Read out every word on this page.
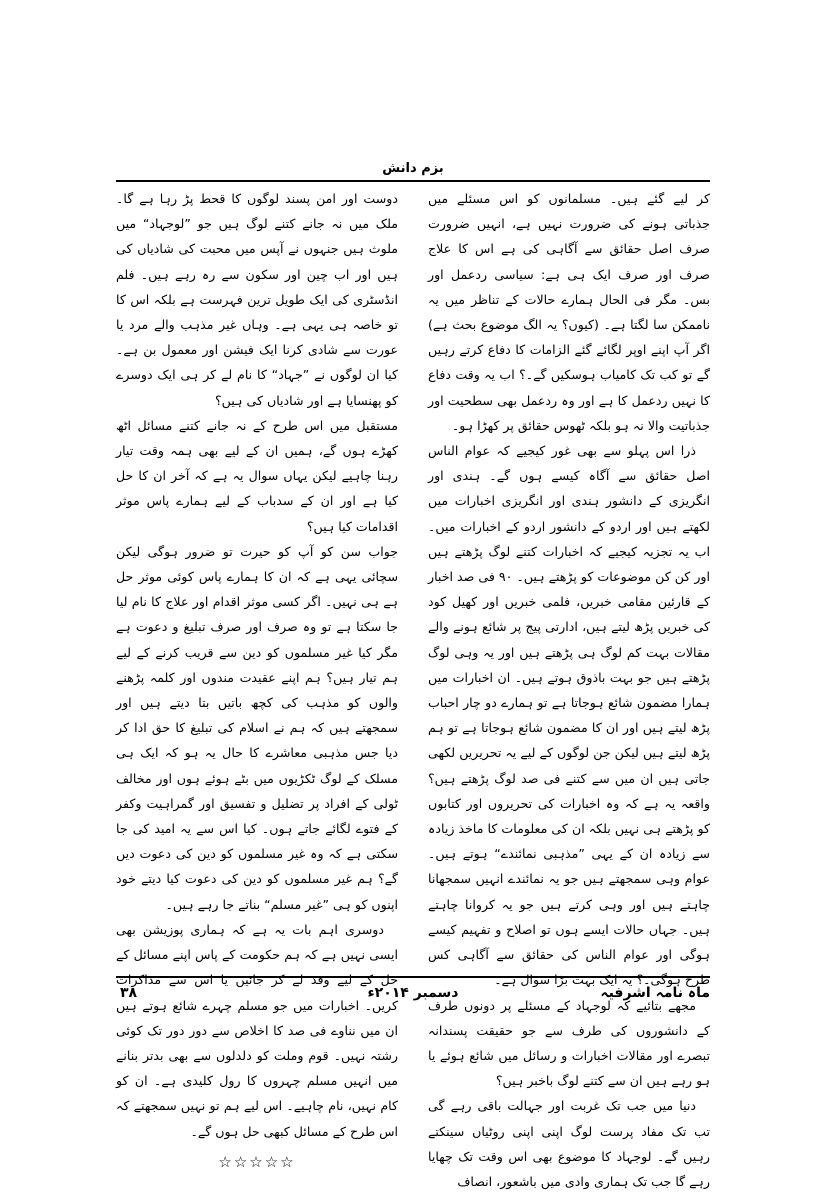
بزم دانش

کر لیے گئے ہیں۔ مسلمانوں کو اس مسئلے میں جذباتی ہونے کی ضرورت نہیں ہے، انہیں ضرورت صرف اصل حقائق سے آگاہی کی ہے اس کا علاج صرف اور صرف ایک ہی ہے: سیاسی ردعمل اور بس۔ مگر فی الحال ہمارے حالات کے تناظر میں یہ ناممکن سا لگتا ہے۔ (کیوں؟ یہ الگ موضوع بحث ہے) اگر آپ اپنے اوپر لگائے گئے الزامات کا دفاع کرتے رہیں گے تو کب تک کامیاب ہوسکیں گے۔؟ اب یہ وقت دفاع کا نہیں ردعمل کا ہے اور وہ ردعمل بھی سطحیت اور جذباتیت والا نہ ہو بلکہ ٹھوس حقائق پر کھڑا ہو۔

ذرا اس پہلو سے بھی غور کیجیے کہ عوام الناس اصل حقائق سے آگاہ کیسے ہوں گے۔ ہندی اور انگریزی کے دانشور ہندی اور انگریزی اخبارات میں لکھتے ہیں اور اردو کے دانشور اردو کے اخبارات میں۔ اب یہ تجزیہ کیجیے کہ اخبارات کتنے لوگ پڑھتے ہیں اور کن کن موضوعات کو پڑھتے ہیں۔ ۹۰ فی صد اخبار کے قارئین مقامی خبریں، فلمی خبریں اور کھیل کود کی خبریں پڑھ لیتے ہیں، ادارتی پیج پر شائع ہونے والے مقالات بہت کم لوگ ہی پڑھتے ہیں اور یہ وہی لوگ پڑھتے ہیں جو بہت باذوق ہوتے ہیں۔ ان اخبارات میں ہمارا مضمون شائع ہوجاتا ہے تو ہمارے دو چار احباب پڑھ لیتے ہیں اور ان کا مضمون شائع ہوجاتا ہے تو ہم پڑھ لیتے ہیں لیکن جن لوگوں کے لیے یہ تحریریں لکھی جاتی ہیں ان میں سے کتنے فی صد لوگ پڑھتے ہیں؟ واقعہ یہ ہے کہ وہ اخبارات کی تحریروں اور کتابوں کو پڑھتے ہی نہیں بلکہ ان کی معلومات کا ماخذ زیادہ سے زیادہ ان کے یہی ”مذہبی نمائندے“ ہوتے ہیں۔ عوام وہی سمجھتے ہیں جو یہ نمائندے انہیں سمجھانا چاہتے ہیں اور وہی کرتے ہیں جو یہ کروانا چاہتے ہیں۔ جہاں حالات ایسے ہوں تو اصلاح و تفہیم کیسے ہوگی اور عوام الناس کی حقائق سے آگاہی کس طرح ہوگی۔؟ یہ ایک بہت بڑا سوال ہے۔

مجھے بتائیے کہ لوجہاد کے مسئلے پر دونوں طرف کے دانشوروں کی طرف سے جو حقیقت پسندانہ تبصرے اور مقالات اخبارات و رسائل میں شائع ہوئے یا ہو رہے ہیں ان سے کتنے لوگ باخبر ہیں؟

دنیا میں جب تک غربت اور جہالت باقی رہے گی تب تک مفاد پرست لوگ اپنی اپنی روٹیاں سینکتے رہیں گے۔ لوجہاد کا موضوع بھی اس وقت تک چھایا رہے گا جب تک ہماری وادی میں باشعور، انصاف

دوست اور امن پسند لوگوں کا قحط پڑ رہا ہے گا۔ ملک میں نہ جانے کتنے لوگ ہیں جو ”لوجہاد“ میں ملوث ہیں جنہوں نے آپس میں محبت کی شادیاں کی ہیں اور اب چین اور سکون سے رہ رہے ہیں۔ فلم انڈسٹری کی ایک طویل ترین فہرست ہے بلکہ اس کا تو خاصہ ہی یہی ہے۔ وہاں غیر مذہب والے مرد یا عورت سے شادی کرنا ایک فیشن اور معمول بن ہے۔ کیا ان لوگوں نے ”جہاد“ کا نام لے کر ہی ایک دوسرے کو پھنسایا ہے اور شادیاں کی ہیں؟

مستقبل میں اس طرح کے نہ جانے کتنے مسائل اٹھ کھڑے ہوں گے، ہمیں ان کے لیے بھی ہمہ وقت تیار رہنا چاہیے لیکن یہاں سوال یہ ہے کہ آخر ان کا حل کیا ہے اور ان کے سدباب کے لیے ہمارے پاس موثر اقدامات کیا ہیں؟

جواب سن کو آپ کو حیرت تو ضرور ہوگی لیکن سچائی یہی ہے کہ ان کا ہمارے پاس کوئی موثر حل ہے ہی نہیں۔ اگر کسی موثر اقدام اور علاج کا نام لیا جا سکتا ہے تو وہ صرف اور صرف تبلیغ و دعوت ہے مگر کیا غیر مسلموں کو دین سے قریب کرنے کے لیے ہم تیار ہیں؟ ہم اپنے عقیدت مندوں اور کلمہ پڑھنے والوں کو مذہب کی کچھ باتیں بتا دیتے ہیں اور سمجھتے ہیں کہ ہم نے اسلام کی تبلیغ کا حق ادا کر دیا جس مذہبی معاشرے کا حال یہ ہو کہ ایک ہی مسلک کے لوگ ٹکڑیوں میں بٹے ہوئے ہوں اور مخالف ٹولی کے افراد پر تضلیل و تفسیق اور گمراہیت وکفر کے فتوے لگائے جاتے ہوں۔ کیا اس سے یہ امید کی جا سکتی ہے کہ وہ غیر مسلموں کو دین کی دعوت دیں گے؟ ہم غیر مسلموں کو دین کی دعوت کیا دیتے خود اپنوں کو ہی ”غیر مسلم“ بناتے جا رہے ہیں۔

دوسری اہم بات یہ ہے کہ ہماری پوزیشن بھی ایسی نہیں ہے کہ ہم حکومت کے پاس اپنے مسائل کے حل کے لیے وفد لے کر جائیں یا اس سے مذاکرات کریں۔ اخبارات میں جو مسلم چہرے شائع ہوتے ہیں ان میں نناوے فی صد کا اخلاص سے دور دور تک کوئی رشتہ نہیں۔ قوم وملت کو دلدلوں سے بھی بدتر بنانے میں انہیں مسلم چہروں کا رول کلیدی ہے۔ ان کو کام نہیں، نام چاہیے۔ اس لیے ہم تو نہیں سمجھتے کہ اس طرح کے مسائل کبھی حل ہوں گے۔

☆☆☆☆☆
ماہ نامہ اشرفیہ
دسمبر ۲۰۱۴ء
۳۸
